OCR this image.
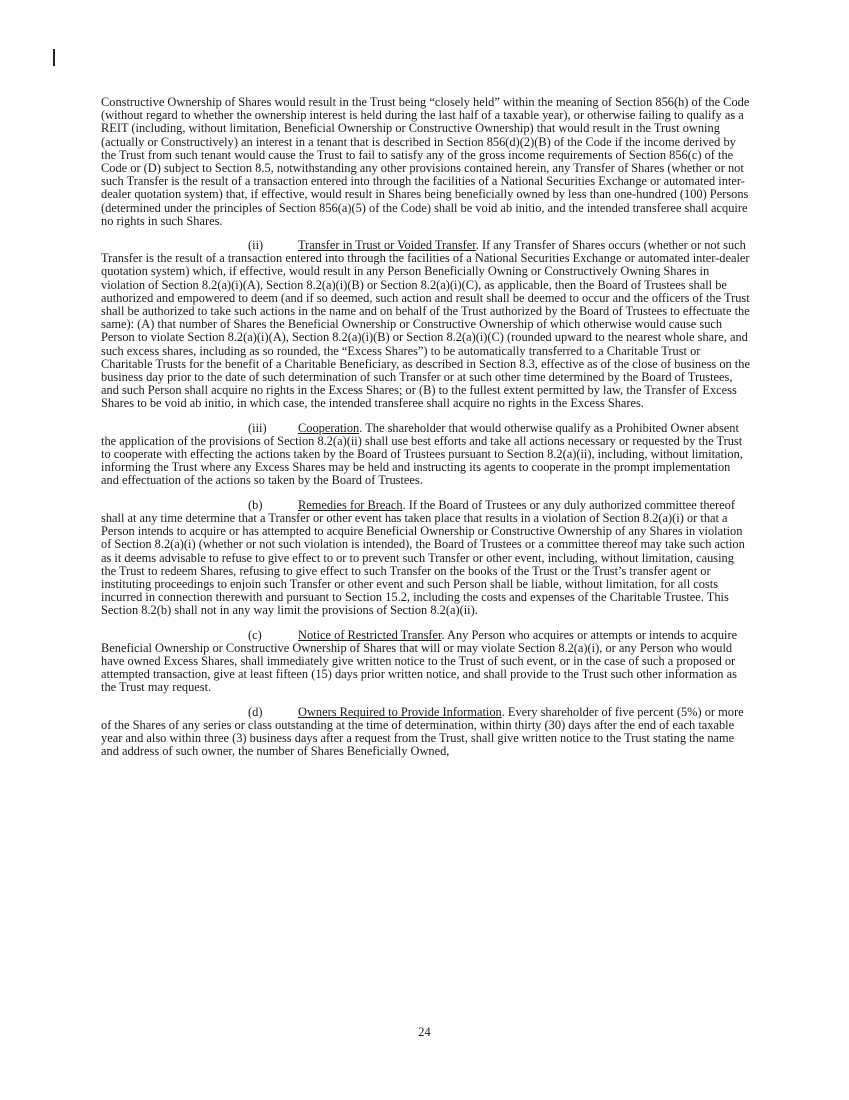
Constructive Ownership of Shares would result in the Trust being “closely held” within the meaning of Section 856(h) of the Code (without regard to whether the ownership interest is held during the last half of a taxable year), or otherwise failing to qualify as a REIT (including, without limitation, Beneficial Ownership or Constructive Ownership) that would result in the Trust owning (actually or Constructively) an interest in a tenant that is described in Section 856(d)(2)(B) of the Code if the income derived by the Trust from such tenant would cause the Trust to fail to satisfy any of the gross income requirements of Section 856(c) of the Code or (D) subject to Section 8.5, notwithstanding any other provisions contained herein, any Transfer of Shares (whether or not such Transfer is the result of a transaction entered into through the facilities of a National Securities Exchange or automated inter-dealer quotation system) that, if effective, would result in Shares being beneficially owned by less than one-hundred (100) Persons (determined under the principles of Section 856(a)(5) of the Code) shall be void ab initio, and the intended transferee shall acquire no rights in such Shares.

(ii)	Transfer in Trust or Voided Transfer. If any Transfer of Shares occurs (whether or not such Transfer is the result of a transaction entered into through the facilities of a National Securities Exchange or automated inter-dealer quotation system) which, if effective, would result in any Person Beneficially Owning or Constructively Owning Shares in violation of Section 8.2(a)(i)(A), Section 8.2(a)(i)(B) or Section 8.2(a)(i)(C), as applicable, then the Board of Trustees shall be authorized and empowered to deem (and if so deemed, such action and result shall be deemed to occur and the officers of the Trust shall be authorized to take such actions in the name and on behalf of the Trust authorized by the Board of Trustees to effectuate the same): (A) that number of Shares the Beneficial Ownership or Constructive Ownership of which otherwise would cause such Person to violate Section 8.2(a)(i)(A), Section 8.2(a)(i)(B) or Section 8.2(a)(i)(C) (rounded upward to the nearest whole share, and such excess shares, including as so rounded, the “Excess Shares”) to be automatically transferred to a Charitable Trust or Charitable Trusts for the benefit of a Charitable Beneficiary, as described in Section 8.3, effective as of the close of business on the business day prior to the date of such determination of such Transfer or at such other time determined by the Board of Trustees, and such Person shall acquire no rights in the Excess Shares; or (B) to the fullest extent permitted by law, the Transfer of Excess Shares to be void ab initio, in which case, the intended transferee shall acquire no rights in the Excess Shares.

(iii)	Cooperation. The shareholder that would otherwise qualify as a Prohibited Owner absent the application of the provisions of Section 8.2(a)(ii) shall use best efforts and take all actions necessary or requested by the Trust to cooperate with effecting the actions taken by the Board of Trustees pursuant to Section 8.2(a)(ii), including, without limitation, informing the Trust where any Excess Shares may be held and instructing its agents to cooperate in the prompt implementation and effectuation of the actions so taken by the Board of Trustees.

(b)	Remedies for Breach. If the Board of Trustees or any duly authorized committee thereof shall at any time determine that a Transfer or other event has taken place that results in a violation of Section 8.2(a)(i) or that a Person intends to acquire or has attempted to acquire Beneficial Ownership or Constructive Ownership of any Shares in violation of Section 8.2(a)(i) (whether or not such violation is intended), the Board of Trustees or a committee thereof may take such action as it deems advisable to refuse to give effect to or to prevent such Transfer or other event, including, without limitation, causing the Trust to redeem Shares, refusing to give effect to such Transfer on the books of the Trust or the Trust’s transfer agent or instituting proceedings to enjoin such Transfer or other event and such Person shall be liable, without limitation, for all costs incurred in connection therewith and pursuant to Section 15.2, including the costs and expenses of the Charitable Trustee. This Section 8.2(b) shall not in any way limit the provisions of Section 8.2(a)(ii).

(c)	Notice of Restricted Transfer. Any Person who acquires or attempts or intends to acquire Beneficial Ownership or Constructive Ownership of Shares that will or may violate Section 8.2(a)(i), or any Person who would have owned Excess Shares, shall immediately give written notice to the Trust of such event, or in the case of such a proposed or attempted transaction, give at least fifteen (15) days prior written notice, and shall provide to the Trust such other information as the Trust may request.

(d)	Owners Required to Provide Information. Every shareholder of five percent (5%) or more of the Shares of any series or class outstanding at the time of determination, within thirty (30) days after the end of each taxable year and also within three (3) business days after a request from the Trust, shall give written notice to the Trust stating the name and address of such owner, the number of Shares Beneficially Owned,

24
